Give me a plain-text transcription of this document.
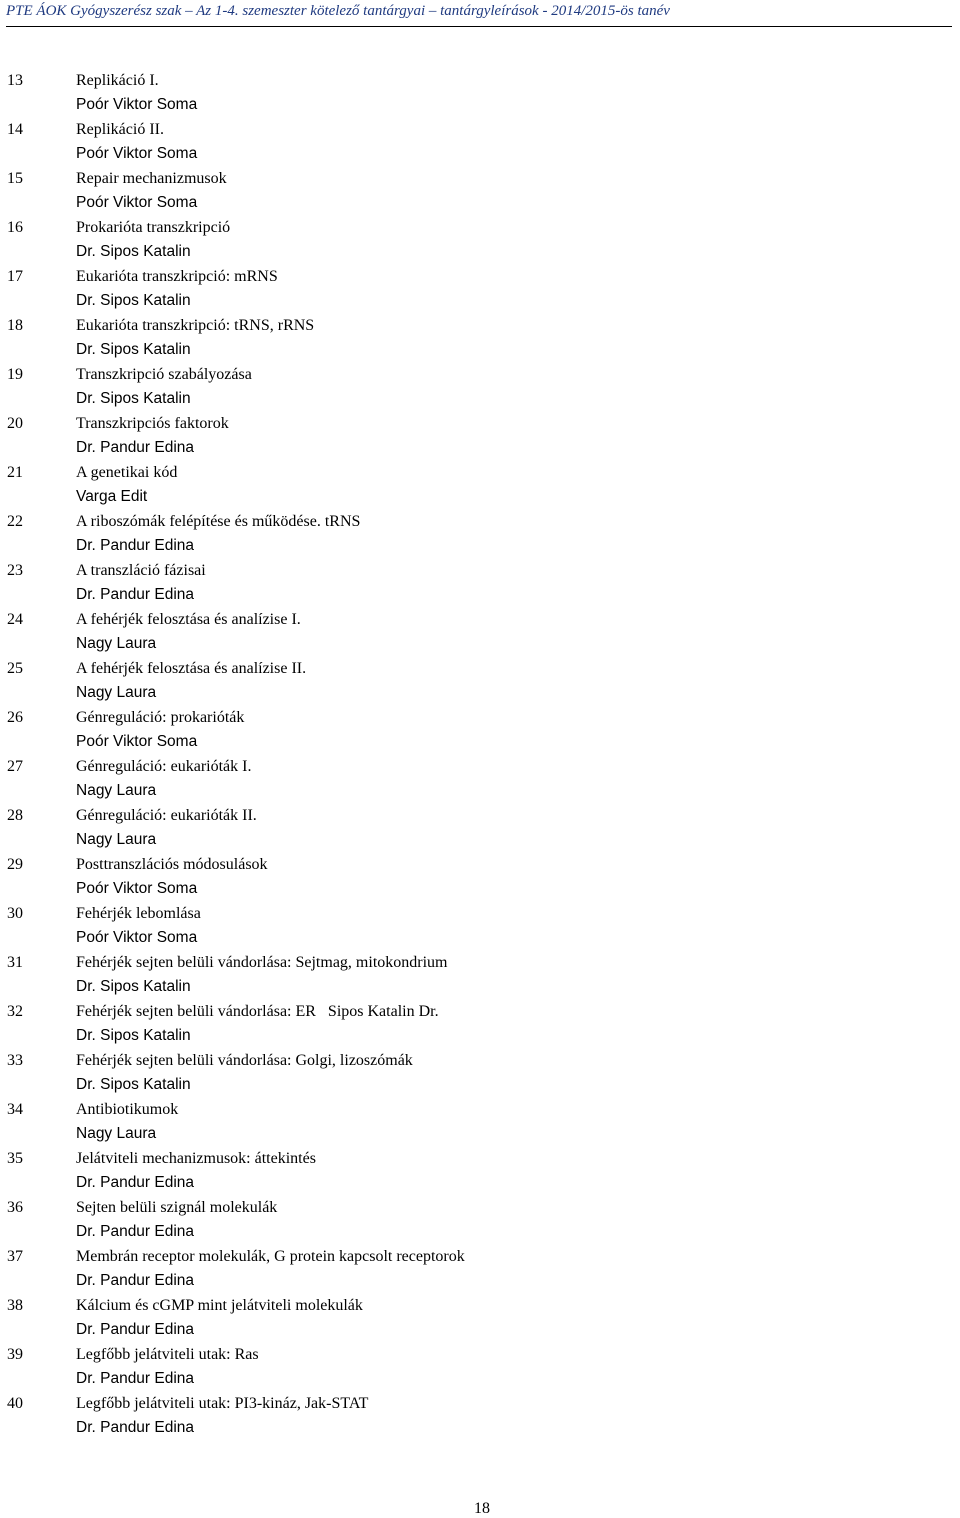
PTE ÁOK Gyógyszerész szak – Az 1-4. szemeszter kötelező tantárgyai – tantárgyleírások - 2014/2015-ös tanév
13	Replikáció I.
Poór Viktor Soma
14	Replikáció II.
Poór Viktor Soma
15	Repair mechanizmusok
Poór Viktor Soma
16	Prokarióta transzkripció
Dr. Sipos Katalin
17	Eukarióta transzkripció: mRNS
Dr. Sipos Katalin
18	Eukarióta transzkripció: tRNS, rRNS
Dr. Sipos Katalin
19	Transzkripció szabályozása
Dr. Sipos Katalin
20	Transzkripciós faktorok
Dr. Pandur Edina
21	A genetikai kód
Varga Edit
22	A riboszómák felépítése és működése. tRNS
Dr. Pandur Edina
23	A transzláció fázisai
Dr. Pandur Edina
24	A fehérjék felosztása és analízise I.
Nagy Laura
25	A fehérjék felosztása és analízise II.
Nagy Laura
26	Génreguláció: prokarióták
Poór Viktor Soma
27	Génreguláció: eukarióták I.
Nagy Laura
28	Génreguláció: eukarióták II.
Nagy Laura
29	Posttranszlációs módosulások
Poór Viktor Soma
30	Fehérjék lebomlása
Poór Viktor Soma
31	Fehérjék sejten belüli vándorlása: Sejtmag, mitokondrium
Dr. Sipos Katalin
32	Fehérjék sejten belüli vándorlása: ER   Sipos Katalin Dr.
Dr. Sipos Katalin
33	Fehérjék sejten belüli vándorlása: Golgi, lizoszómák
Dr. Sipos Katalin
34	Antibiotikumok
Nagy Laura
35	Jelátviteli mechanizmusok: áttekintés
Dr. Pandur Edina
36	Sejten belüli szignál molekulák
Dr. Pandur Edina
37	Membrán receptor molekulák, G protein kapcsolt receptorok
Dr. Pandur Edina
38	Kálcium és cGMP mint jelátviteli molekulák
Dr. Pandur Edina
39	Legfőbb jelátviteli utak: Ras
Dr. Pandur Edina
40	Legfőbb jelátviteli utak: PI3-kináz, Jak-STAT
Dr. Pandur Edina
18
